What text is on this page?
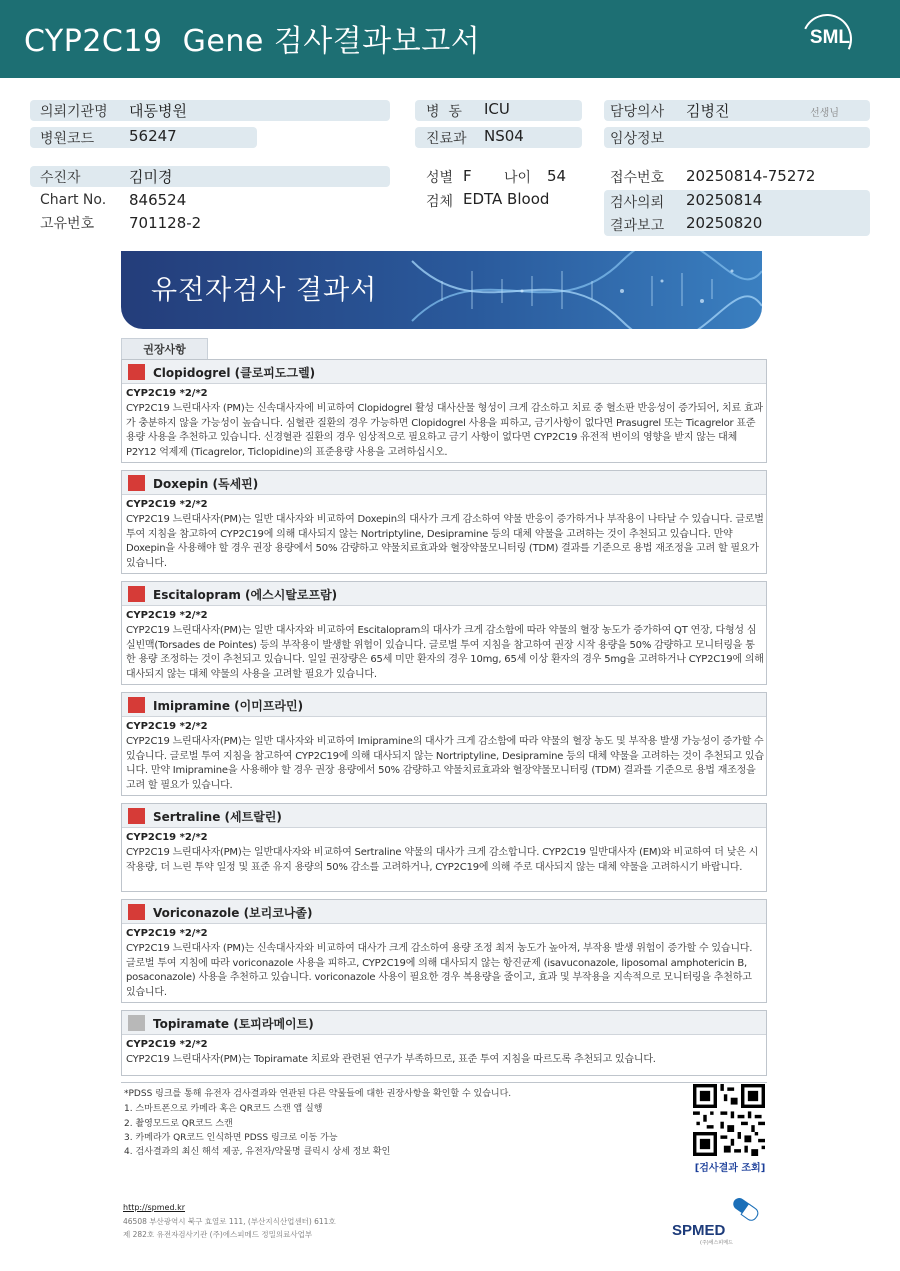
CYP2C19  Gene 검사결과보고서	SML
의뢰기관명 대동병원
병원코드 56247
병  동 ICU
진료과 NS04
담당의사 김병진	선생님
임상정보
수진자	김미경
Chart No. 846524
고유번호 701128-2
성별 F 나이 54
검체 EDTA Blood
접수번호 20250814-75272
검사의뢰 20250814
결과보고 20250820
유전자검사 결과서
권장사항
Clopidogrel (클로피도그렐)
CYP2C19 *2/*2
CYP2C19 느린대사자 (PM)는 신속대사자에 비교하여 Clopidogrel 활성 대사산물 형성이 크게 감소하고 치료 중 혈소판 반응성이 증가되어, 치료 효과가 충분하지 않을 가능성이 높습니다. 심혈관 질환의 경우 가능하면 Clopidogrel 사용을 피하고, 금기사항이 없다면 Prasugrel 또는 Ticagrelor 표준 용량 사용을 추천하고 있습니다. 신경혈관 질환의 경우 임상적으로 필요하고 금기 사항이 없다면 CYP2C19 유전적 변이의 영향을 받지 않는 대체 P2Y12 억제제 (Ticagrelor, Ticlopidine)의 표준용량 사용을 고려하십시오.
Doxepin (독세핀)
CYP2C19 *2/*2
CYP2C19 느린대사자(PM)는 일반 대사자와 비교하여 Doxepin의 대사가 크게 감소하여 약물 반응이 증가하거나 부작용이 나타날 수 있습니다. 글로벌 투여 지침을 참고하여 CYP2C19에 의해 대사되지 않는 Nortriptyline, Desipramine 등의 대체 약물을 고려하는 것이 추천되고 있습니다. 만약 Doxepin을 사용해야 할 경우 권장 용량에서 50% 감량하고 약물치료효과와 혈장약물모니터링 (TDM) 결과를 기준으로 용법 재조정을 고려 할 필요가 있습니다.
Escitalopram (에스시탈로프람)
CYP2C19 *2/*2
CYP2C19 느린대사자(PM)는 일반 대사자와 비교하여 Escitalopram의 대사가 크게 감소함에 따라 약물의 혈장 농도가 증가하여 QT 연장, 다형성 심실빈맥(Torsades de Pointes) 등의 부작용이 발생할 위험이 있습니다. 글로벌 투여 지침을 참고하여 권장 시작 용량을 50% 감량하고 모니터링을 통한 용량 조정하는 것이 추천되고 있습니다. 일일 권장량은 65세 미만 환자의 경우 10mg, 65세 이상 환자의 경우 5mg을 고려하거나 CYP2C19에 의해 대사되지 않는 대체 약물의 사용을 고려할 필요가 있습니다.
Imipramine (이미프라민)
CYP2C19 *2/*2
CYP2C19 느린대사자(PM)는 일반 대사자와 비교하여 Imipramine의 대사가 크게 감소함에 따라 약물의 혈장 농도 및 부작용 발생 가능성이 증가할 수 있습니다. 글로벌 투여 지침을 참고하여 CYP2C19에 의해 대사되지 않는 Nortriptyline, Desipramine 등의 대체 약물을 고려하는 것이 추천되고 있습니다. 만약 Imipramine을 사용해야 할 경우 권장 용량에서 50% 감량하고 약물치료효과와 혈장약물모니터링 (TDM) 결과를 기준으로 용법 재조정을 고려 할 필요가 있습니다.
Sertraline (세트랄린)
CYP2C19 *2/*2
CYP2C19 느린대사자(PM)는 일반대사자와 비교하여 Sertraline 약물의 대사가 크게 감소합니다. CYP2C19 일반대사자 (EM)와 비교하여 더 낮은 시작용량, 더 느린 투약 일정 및 표준 유지 용량의 50% 감소를 고려하거나, CYP2C19에 의해 주로 대사되지 않는 대체 약물을 고려하시기 바랍니다.
Voriconazole (보리코나졸)
CYP2C19 *2/*2
CYP2C19 느린대사자 (PM)는 신속대사자와 비교하여 대사가 크게 감소하여 용량 조정 최저 농도가 높아져, 부작용 발생 위험이 증가할 수 있습니다. 글로벌 투여 지침에 따라 voriconazole 사용을 피하고, CYP2C19에 의해 대사되지 않는 항진균제 (isavuconazole, liposomal amphotericin B, posaconazole) 사용을 추천하고 있습니다. voriconazole 사용이 필요한 경우 복용량을 줄이고, 효과 및 부작용을 지속적으로 모니터링을 추천하고 있습니다.
Topiramate (토피라메이트)
CYP2C19 *2/*2
CYP2C19 느린대사자(PM)는 Topiramate 치료와 관련된 연구가 부족하므로, 표준 투여 지침을 따르도록 추천되고 있습니다.
*PDSS 링크를 통해 유전자 검사결과와 연관된 다른 약물들에 대한 권장사항을 확인할 수 있습니다.
1. 스마트폰으로 카메라 혹은 QR코드 스캔 앱 실행
2. 촬영모드로 QR코드 스캔
3. 카메라가 QR코드 인식하면 PDSS 링크로 이동 가능
4. 검사결과의 최신 해석 제공, 유전자/약물명 클릭시 상세 정보 확인
[검사결과 조회]
http://spmed.kr
46508 부산광역시 북구 효열로 111, (부산지식산업센터) 611호
제 282호 유전자검사기관 (주)에스피메드 정밀의료사업부	SPMED
(주)에스피메드
